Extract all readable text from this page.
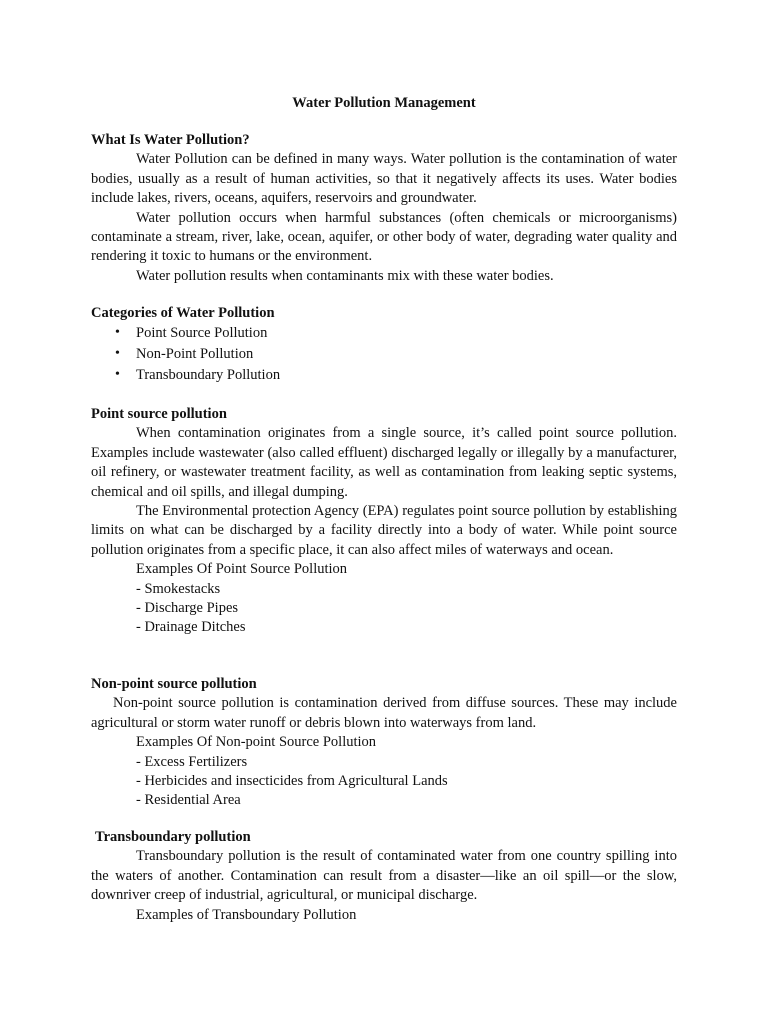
Water Pollution Management
What Is Water Pollution?

Water Pollution can be defined in many ways. Water pollution is the contamination of water bodies, usually as a result of human activities, so that it negatively affects its uses. Water bodies include lakes, rivers, oceans, aquifers, reservoirs and groundwater.

Water pollution occurs when harmful substances (often chemicals or microorganisms) contaminate a stream, river, lake, ocean, aquifer, or other body of water, degrading water quality and rendering it toxic to humans or the environment.

Water pollution results when contaminants mix with these water bodies.

Categories of Water Pollution
• Point Source Pollution
• Non-Point Pollution
• Transboundary Pollution
Point source pollution

When contamination originates from a single source, it’s called point source pollution. Examples include wastewater (also called effluent) discharged legally or illegally by a manufacturer, oil refinery, or wastewater treatment facility, as well as contamination from leaking septic systems, chemical and oil spills, and illegal dumping.

The Environmental protection Agency (EPA) regulates point source pollution by establishing limits on what can be discharged by a facility directly into a body of water. While point source pollution originates from a specific place, it can also affect miles of waterways and ocean.

Examples Of Point Source Pollution
- Smokestacks
- Discharge Pipes
- Drainage Ditches
Non-point source pollution

Non-point source pollution is contamination derived from diffuse sources. These may include agricultural or storm water runoff or debris blown into waterways from land.

Examples Of Non-point Source Pollution
- Excess Fertilizers
- Herbicides and insecticides from Agricultural Lands
- Residential Area
Transboundary pollution

Transboundary pollution is the result of contaminated water from one country spilling into the waters of another. Contamination can result from a disaster—like an oil spill—or the slow, downriver creep of industrial, agricultural, or municipal discharge.

Examples of Transboundary Pollution
